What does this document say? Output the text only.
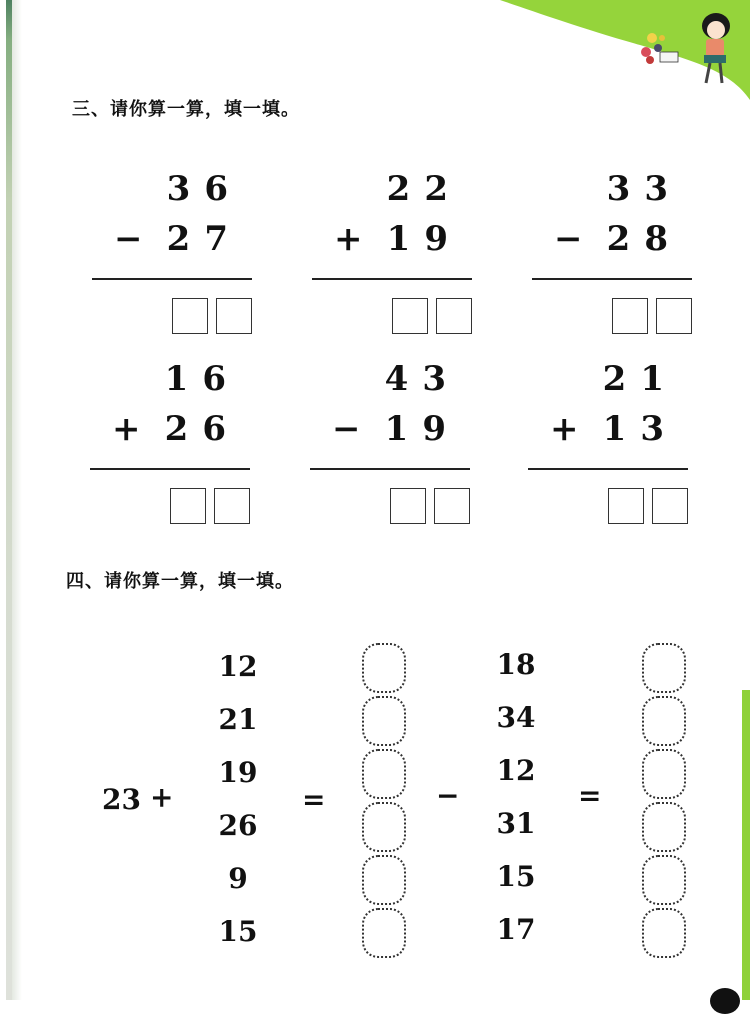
三、请你算一算，填一填。
36
− 27
22
+ 19
33
− 28
16
+ 26
43
− 19
21
+ 13
四、请你算一算，填一填。
23 +
12
21
19
26
9
15
=	−
18
34
12
31
15
17
=
